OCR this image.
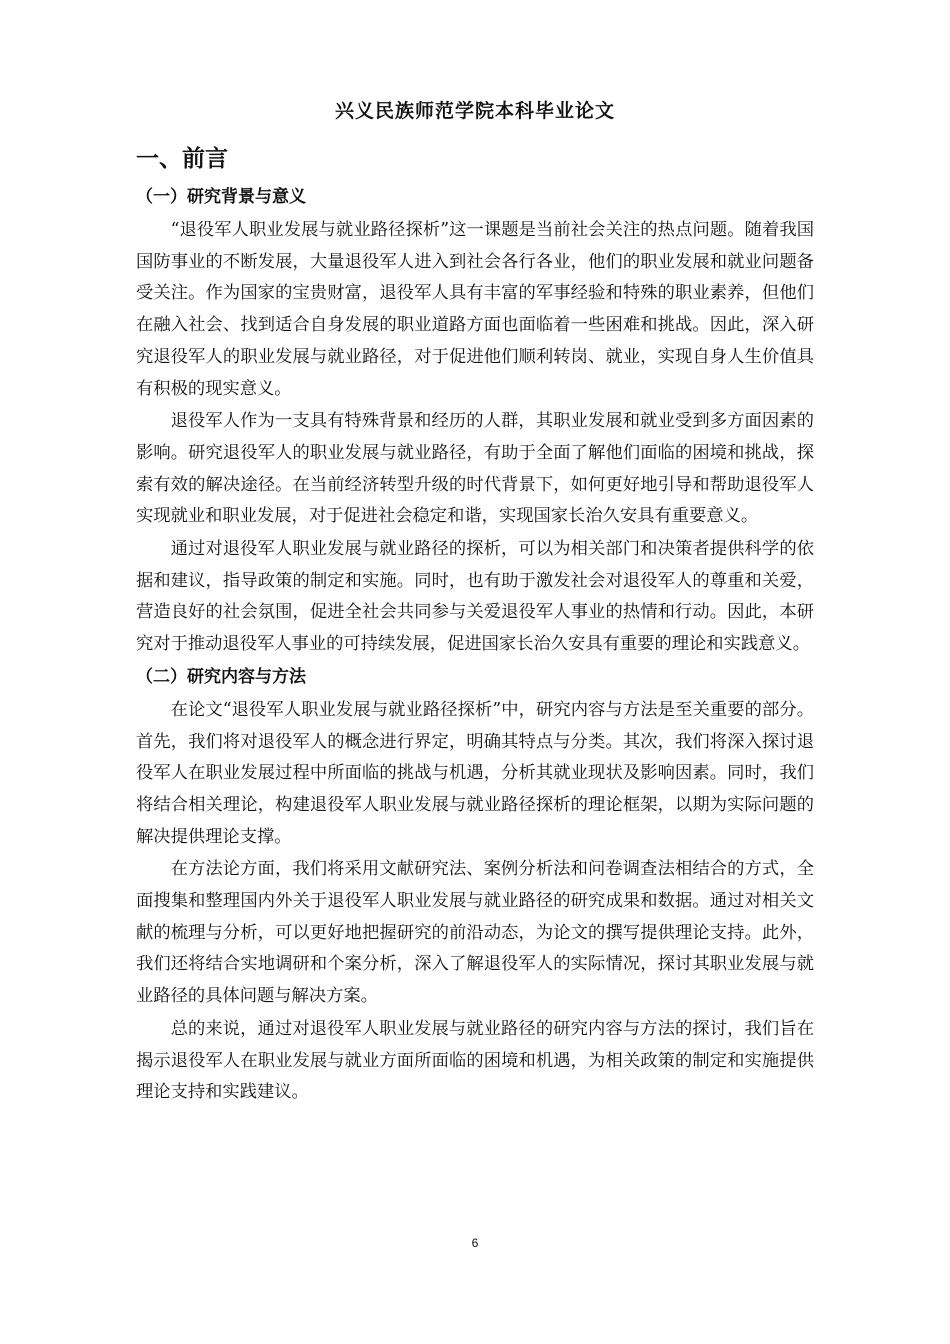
兴义民族师范学院本科毕业论文
一、前言
（一）研究背景与意义

“退役军人职业发展与就业路径探析”这一课题是当前社会关注的热点问题。随着我国国防事业的不断发展，大量退役军人进入到社会各行各业，他们的职业发展和就业问题备受关注。作为国家的宝贵财富，退役军人具有丰富的军事经验和特殊的职业素养，但他们在融入社会、找到适合自身发展的职业道路方面也面临着一些困难和挑战。因此，深入研究退役军人的职业发展与就业路径，对于促进他们顺利转岗、就业，实现自身人生价值具有积极的现实意义。

退役军人作为一支具有特殊背景和经历的人群，其职业发展和就业受到多方面因素的影响。研究退役军人的职业发展与就业路径，有助于全面了解他们面临的困境和挑战，探索有效的解决途径。在当前经济转型升级的时代背景下，如何更好地引导和帮助退役军人实现就业和职业发展，对于促进社会稳定和谐，实现国家长治久安具有重要意义。

通过对退役军人职业发展与就业路径的探析，可以为相关部门和决策者提供科学的依据和建议，指导政策的制定和实施。同时，也有助于激发社会对退役军人的尊重和关爱，营造良好的社会氛围，促进全社会共同参与关爱退役军人事业的热情和行动。因此，本研究对于推动退役军人事业的可持续发展，促进国家长治久安具有重要的理论和实践意义。

（二）研究内容与方法

在论文“退役军人职业发展与就业路径探析”中，研究内容与方法是至关重要的部分。首先，我们将对退役军人的概念进行界定，明确其特点与分类。其次，我们将深入探讨退役军人在职业发展过程中所面临的挑战与机遇，分析其就业现状及影响因素。同时，我们将结合相关理论，构建退役军人职业发展与就业路径探析的理论框架，以期为实际问题的解决提供理论支撑。

在方法论方面，我们将采用文献研究法、案例分析法和问卷调查法相结合的方式，全面搜集和整理国内外关于退役军人职业发展与就业路径的研究成果和数据。通过对相关文献的梳理与分析，可以更好地把握研究的前沿动态，为论文的撰写提供理论支持。此外，我们还将结合实地调研和个案分析，深入了解退役军人的实际情况，探讨其职业发展与就业路径的具体问题与解决方案。

总的来说，通过对退役军人职业发展与就业路径的研究内容与方法的探讨，我们旨在揭示退役军人在职业发展与就业方面所面临的困境和机遇，为相关政策的制定和实施提供理论支持和实践建议。

6
